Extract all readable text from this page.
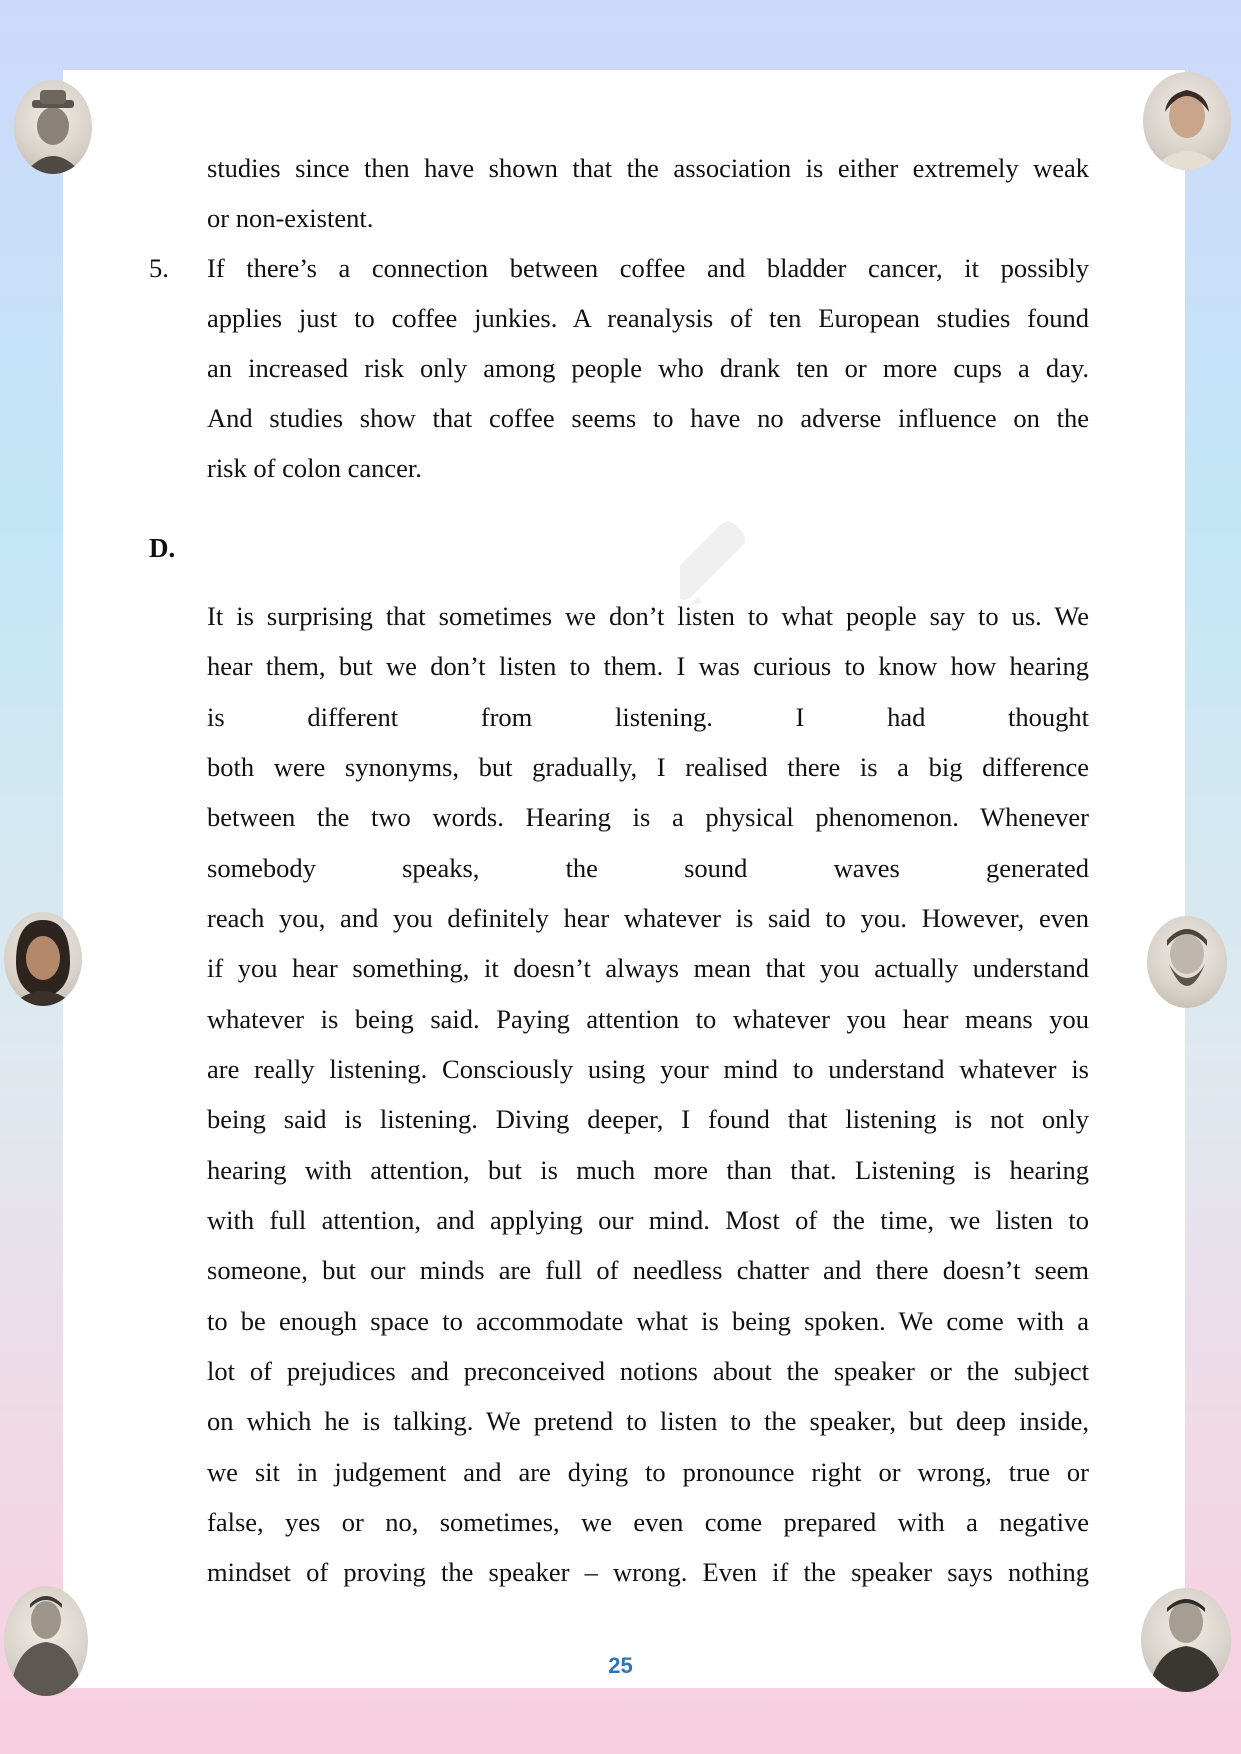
studies since then have shown that the association is either extremely weak
or non-existent.
5. If there’s a connection between coffee and bladder cancer, it possibly
applies just to coffee junkies. A reanalysis of ten European studies found
an increased risk only among people who drank ten or more cups a day.
And studies show that coffee seems to have no adverse influence on the
risk of colon cancer.
D.
It is surprising that sometimes we don’t listen to what people say to us. We
hear them, but we don’t listen to them. I was curious to know how hearing
is different from listening. I had thought
both were synonyms, but gradually, I realised there is a big difference
between the two words. Hearing is a physical phenomenon. Whenever
somebody speaks, the sound waves generated
reach you, and you definitely hear whatever is said to you. However, even
if you hear something, it doesn’t always mean that you actually understand
whatever is being said. Paying attention to whatever you hear means you
are really listening. Consciously using your mind to understand whatever is
being said is listening. Diving deeper, I found that listening is not only
hearing with attention, but is much more than that. Listening is hearing
with full attention, and applying our mind. Most of the time, we listen to
someone, but our minds are full of needless chatter and there doesn’t seem
to be enough space to accommodate what is being spoken. We come with a
lot of prejudices and preconceived notions about the speaker or the subject
on which he is talking. We pretend to listen to the speaker, but deep inside,
we sit in judgement and are dying to pronounce right or wrong, true or
false, yes or no, sometimes, we even come prepared with a negative
mindset of proving the speaker – wrong. Even if the speaker says nothing
25
